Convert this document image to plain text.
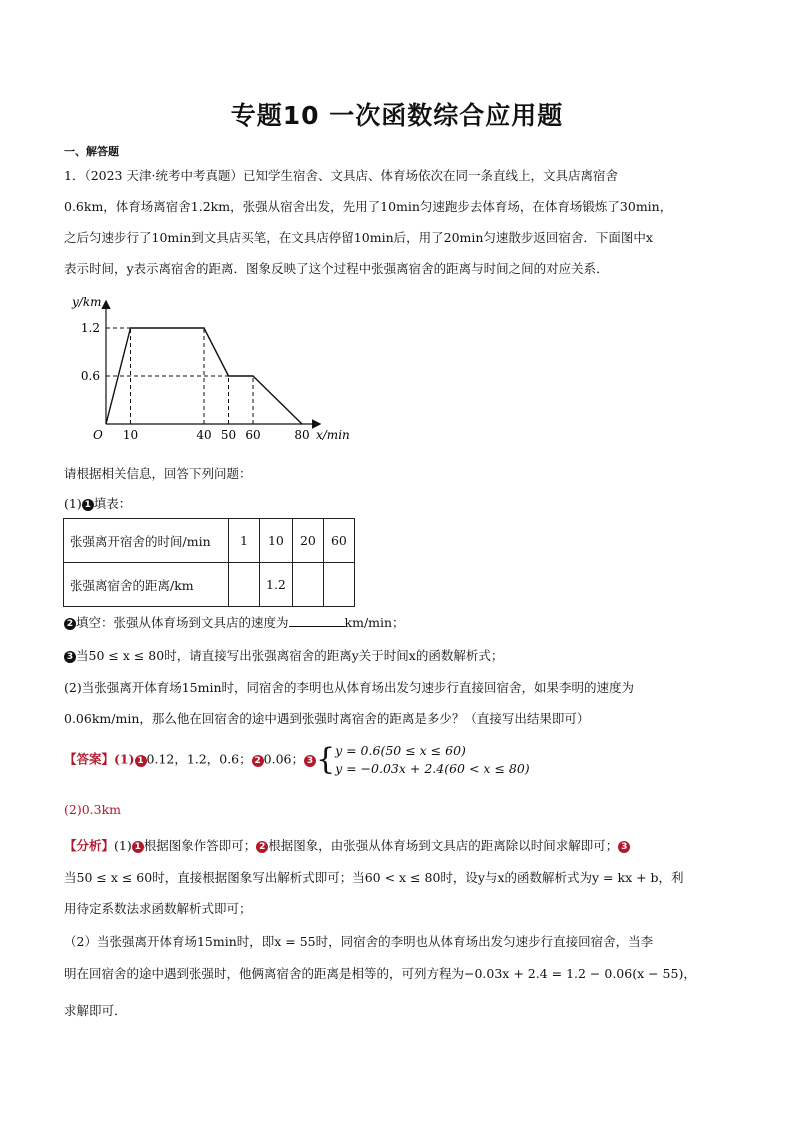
专题10 一次函数综合应用题
一、解答题
1．（2023 天津·统考中考真题）已知学生宿舍、文具店、体育场依次在同一条直线上，文具店离宿舍
0.6km，体育场离宿舍1.2km，张强从宿舍出发，先用了10min匀速跑步去体育场，在体育场锻炼了30min，
之后匀速步行了10min到文具店买笔，在文具店停留10min后，用了20min匀速散步返回宿舍．下面图中x
表示时间，y表示离宿舍的距离．图象反映了这个过程中张强离宿舍的距离与时间之间的对应关系．
y/km
x/min
O 10	40 50 60	80
1.2
0.6
请根据相关信息，回答下列问题：
(1) 1 填表：
张强离开宿舍的时间/min	1	10	20	60
张强离宿舍的距离/km		1.2		
2 填空：张强从体育场到文具店的速度为	km/min；
3 当50 ≤ x ≤ 80时，请直接写出张强离宿舍的距离y关于时间x的函数解析式；
(2)当张强离开体育场15min时，同宿舍的李明也从体育场出发匀速步行直接回宿舍，如果李明的速度为
0.06km/min，那么他在回宿舍的途中遇到张强时离宿舍的距离是多少？（直接写出结果即可）
【答案】(1) 1 0.12，1.2，0.6； 2 0.06； 3{y = 0.6(50 ≤ x ≤ 60)
y = −0.03x + 2.4(60 < x ≤ 80)
(2)0.3km
【分析】(1) 1 根据图象作答即可； 2 根据图象，由张强从体育场到文具店的距离除以时间求解即可； 3
当50 ≤ x ≤ 60时，直接根据图象写出解析式即可；当60 < x ≤ 80时，设y与x的函数解析式为y = kx + b，利
用待定系数法求函数解析式即可；
（2）当张强离开体育场15min时，即x = 55时，同宿舍的李明也从体育场出发匀速步行直接回宿舍，当李
明在回宿舍的途中遇到张强时，他俩离宿舍的距离是相等的，可列方程为−0.03x + 2.4 = 1.2 − 0.06(x − 55)，
求解即可．
